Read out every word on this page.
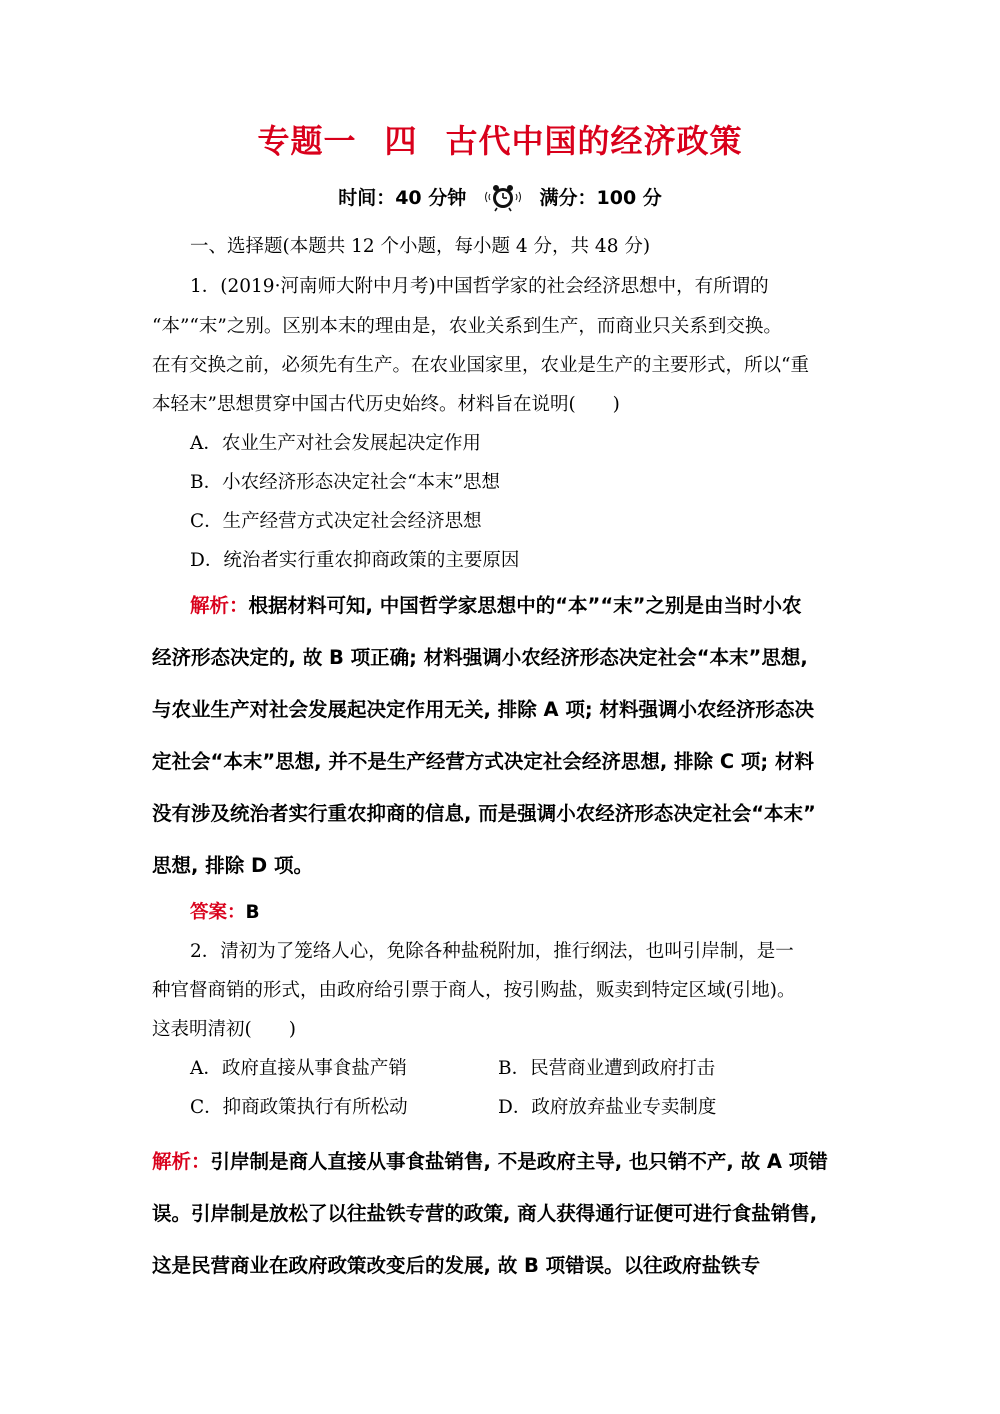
专题一 四 古代中国的经济政策
时间：40 分钟	满分：100 分
一、选择题(本题共 12 个小题，每小题 4 分，共 48 分)
1．(2019·河南师大附中月考)中国哲学家的社会经济思想中，有所谓的
“本”“末”之别。区别本末的理由是，农业关系到生产，而商业只关系到交换。
在有交换之前，必须先有生产。在农业国家里，农业是生产的主要形式，所以“重
本轻末”思想贯穿中国古代历史始终。材料旨在说明(　　)
A．农业生产对社会发展起决定作用
B．小农经济形态决定社会“本末”思想
C．生产经营方式决定社会经济思想
D．统治者实行重农抑商政策的主要原因
解析：根据材料可知, 中国哲学家思想中的“本”“末”之别是由当时小农
经济形态决定的, 故 B 项正确; 材料强调小农经济形态决定社会“本末”思想,
与农业生产对社会发展起决定作用无关, 排除 A 项; 材料强调小农经济形态决
定社会“本末”思想, 并不是生产经营方式决定社会经济思想, 排除 C 项; 材料
没有涉及统治者实行重农抑商的信息, 而是强调小农经济形态决定社会“本末”
思想, 排除 D 项。
答案：B
2．清初为了笼络人心，免除各种盐税附加，推行纲法，也叫引岸制，是一
种官督商销的形式，由政府给引票于商人，按引购盐，贩卖到特定区域(引地)。
这表明清初(　　)
A．政府直接从事食盐产销	B．民营商业遭到政府打击
C．抑商政策执行有所松动	D．政府放弃盐业专卖制度
解析：引岸制是商人直接从事食盐销售, 不是政府主导, 也只销不产, 故 A 项错
误。引岸制是放松了以往盐铁专营的政策, 商人获得通行证便可进行食盐销售,
这是民营商业在政府政策改变后的发展, 故 B 项错误。以往政府盐铁专
